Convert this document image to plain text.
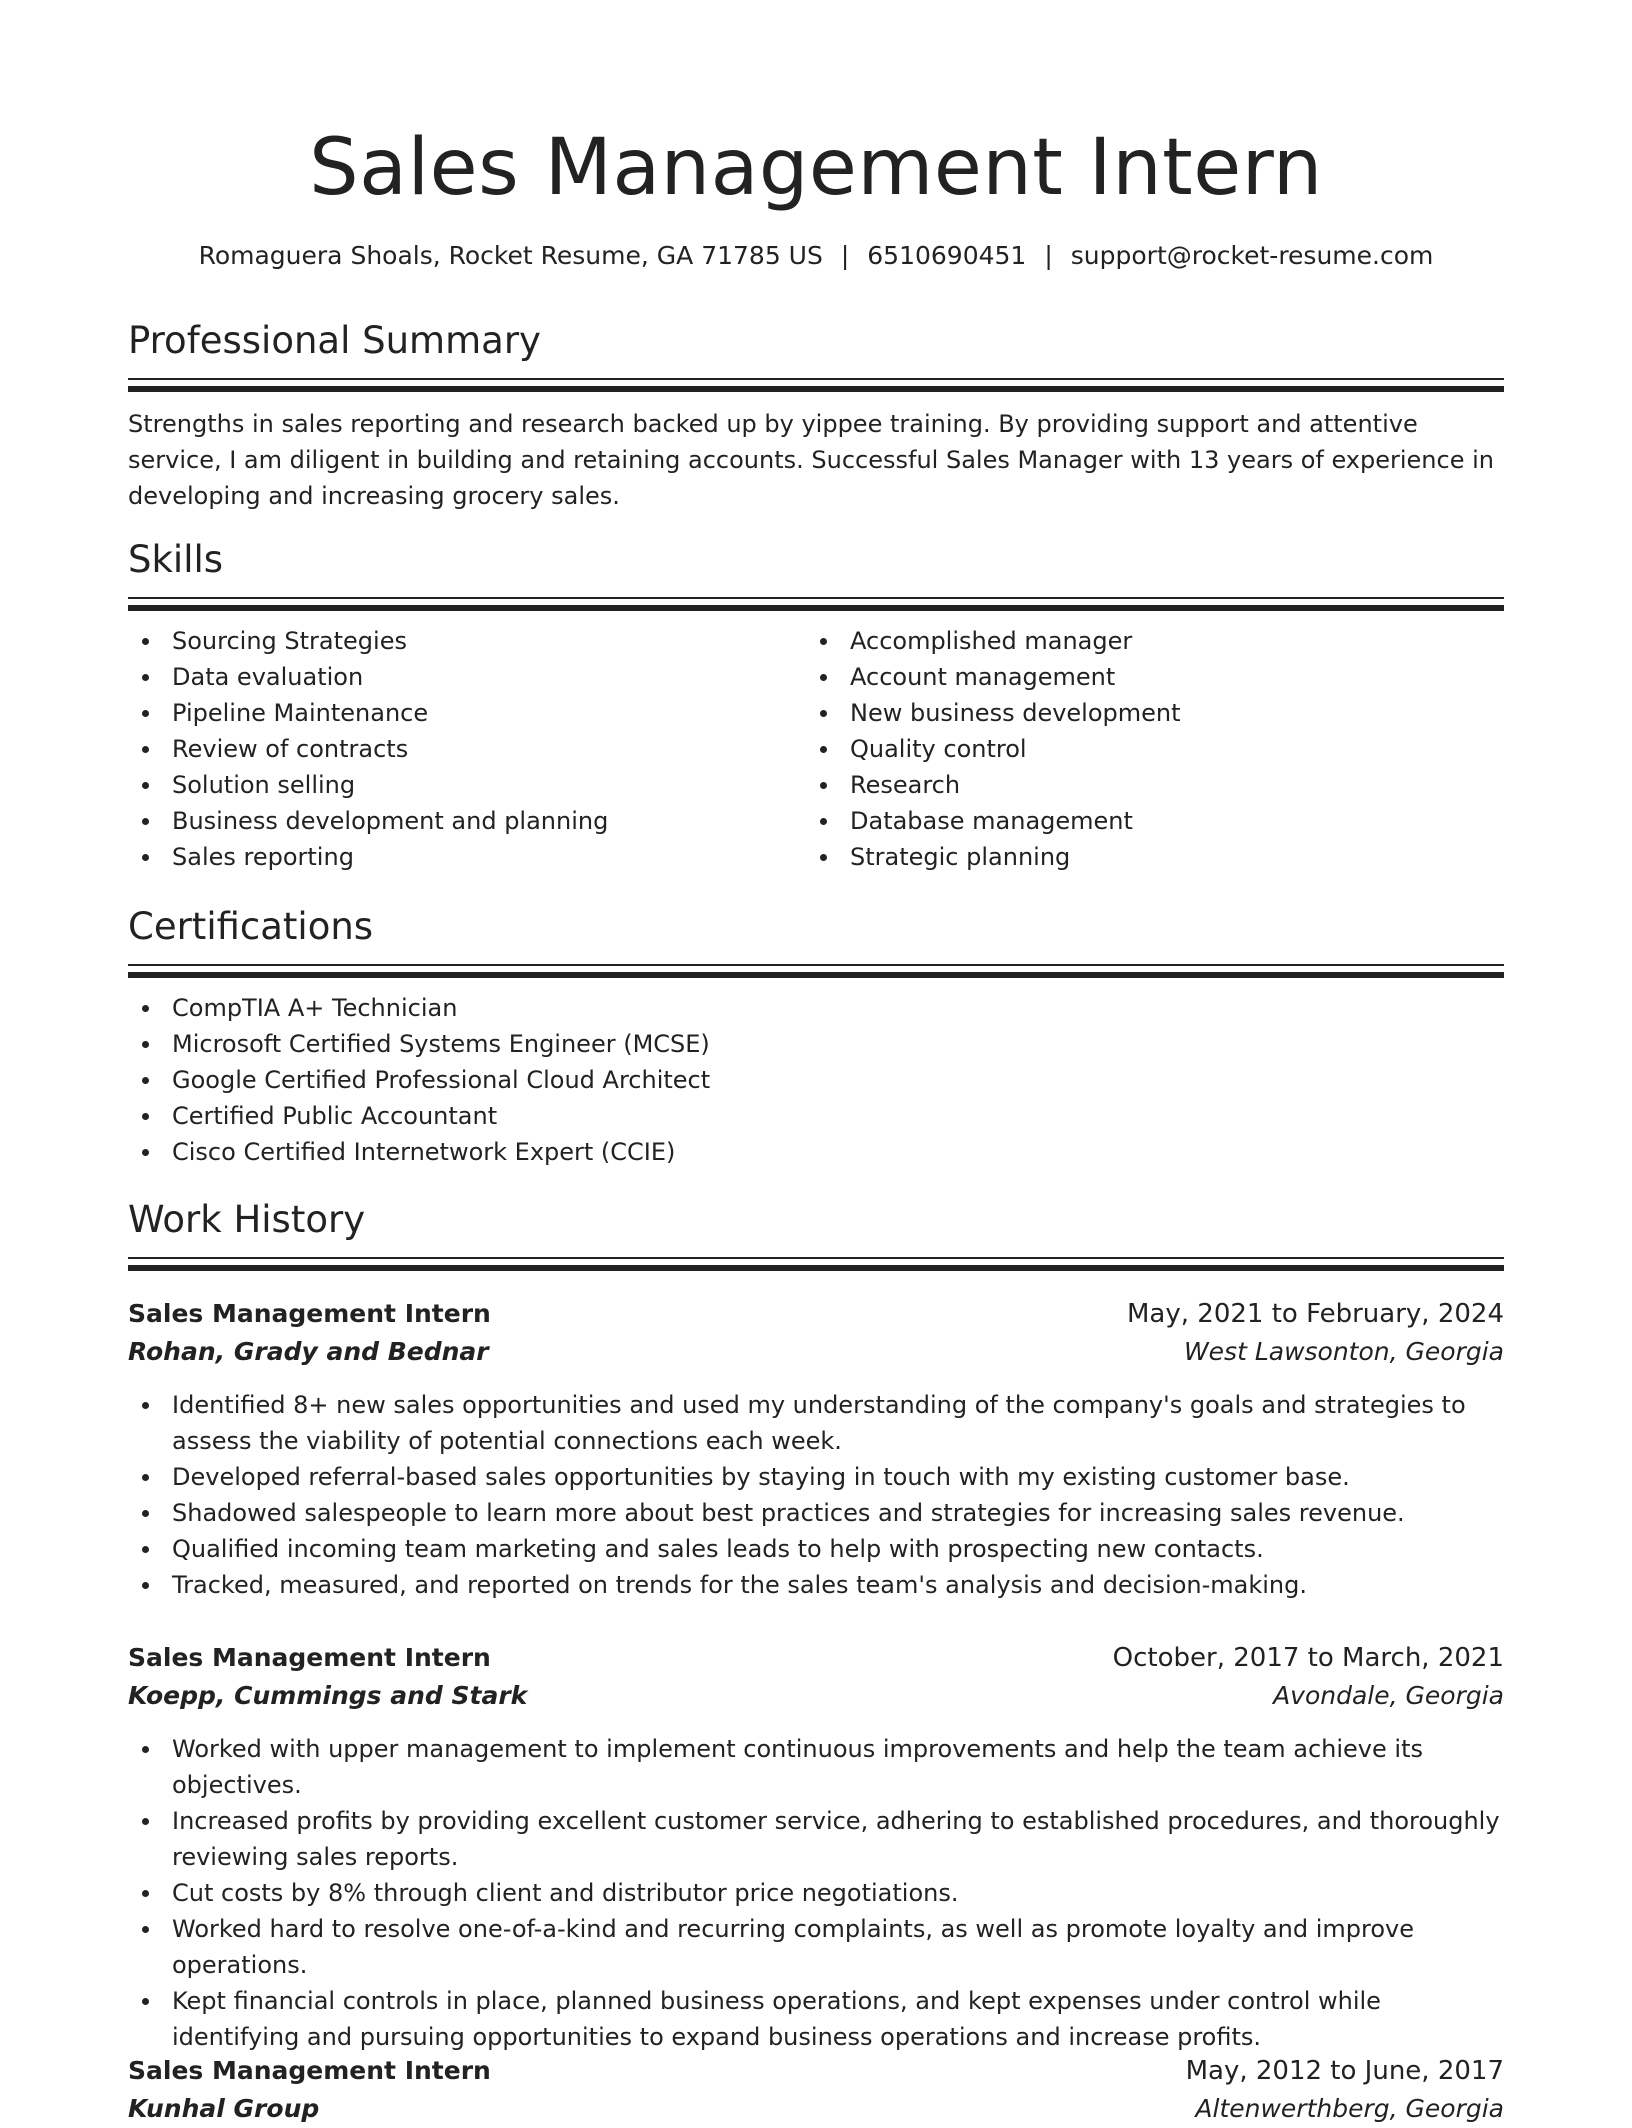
Sales Management Intern
Romaguera Shoals, Rocket Resume, GA 71785 US | 6510690451 | support@rocket-resume.com
Professional Summary

Strengths in sales reporting and research backed up by yippee training. By providing support and attentive service, I am diligent in building and retaining accounts. Successful Sales Manager with 13 years of experience in developing and increasing grocery sales.

Skills
Sourcing Strategies
Data evaluation
Pipeline Maintenance
Review of contracts
Solution selling
Business development and planning
Sales reporting
Accomplished manager
Account management
New business development
Quality control
Research
Database management
Strategic planning
Certifications
CompTIA A+ Technician
Microsoft Certified Systems Engineer (MCSE)
Google Certified Professional Cloud Architect
Certified Public Accountant
Cisco Certified Internetwork Expert (CCIE)
Work History
Sales Management Intern	May, 2021 to February, 2024
Rohan, Grady and Bednar	West Lawsonton, Georgia
Identified 8+ new sales opportunities and used my understanding of the company's goals and strategies to assess the viability of potential connections each week.
Developed referral-based sales opportunities by staying in touch with my existing customer base.
Shadowed salespeople to learn more about best practices and strategies for increasing sales revenue.
Qualified incoming team marketing and sales leads to help with prospecting new contacts.
Tracked, measured, and reported on trends for the sales team's analysis and decision-making.
Sales Management Intern	October, 2017 to March, 2021
Koepp, Cummings and Stark	Avondale, Georgia
Worked with upper management to implement continuous improvements and help the team achieve its objectives.
Increased profits by providing excellent customer service, adhering to established procedures, and thoroughly reviewing sales reports.
Cut costs by 8% through client and distributor price negotiations.
Worked hard to resolve one-of-a-kind and recurring complaints, as well as promote loyalty and improve operations.
Kept financial controls in place, planned business operations, and kept expenses under control while identifying and pursuing opportunities to expand business operations and increase profits.
Sales Management Intern	May, 2012 to June, 2017
Kunhal Group	Altenwerthberg, Georgia
